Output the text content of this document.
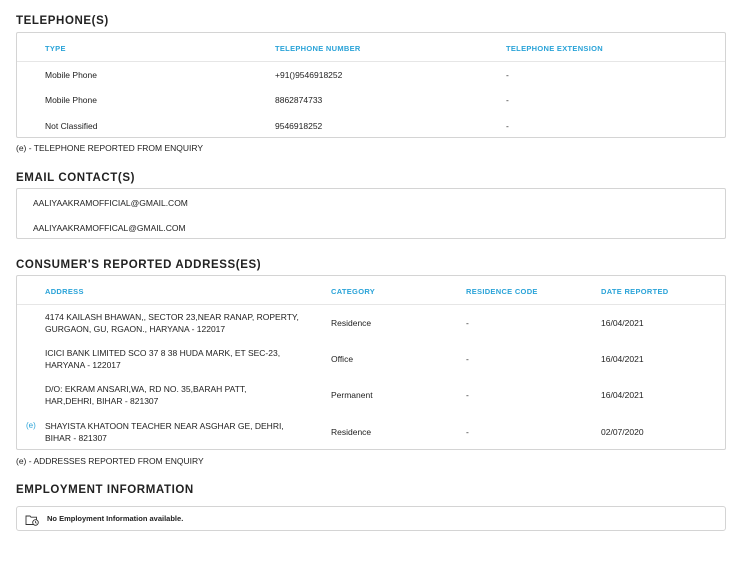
TELEPHONE(S)
TYPE	TELEPHONE NUMBER	TELEPHONE EXTENSION
Mobile Phone	+91()9546918252	-
Mobile Phone	8862874733	-
Not Classified	9546918252	-
(e) - TELEPHONE REPORTED FROM ENQUIRY
EMAIL CONTACT(S)
AALIYAAKRAMOFFICIAL@GMAIL.COM
AALIYAAKRAMOFFICAL@GMAIL.COM
CONSUMER'S REPORTED ADDRESS(ES)
ADDRESS	CATEGORY	RESIDENCE CODE	DATE REPORTED
4174 KAILASH BHAWAN,, SECTOR 23,NEAR RANAP, ROPERTY,
GURGAON, GU, RGAON., HARYANA - 122017
Residence	-	16/04/2021
ICICI BANK LIMITED SCO 37 8 38 HUDA MARK, ET SEC-23,
HARYANA - 122017
Office	-	16/04/2021
D/O: EKRAM ANSARI,WA, RD NO. 35,BARAH PATT,
HAR,DEHRI, BIHAR - 821307
Permanent	-	16/04/2021
(e) SHAYISTA KHATOON TEACHER NEAR ASGHAR GE, DEHRI,
BIHAR - 821307
Residence	-	02/07/2020
(e) - ADDRESSES REPORTED FROM ENQUIRY
EMPLOYMENT INFORMATION
No Employment Information available.
